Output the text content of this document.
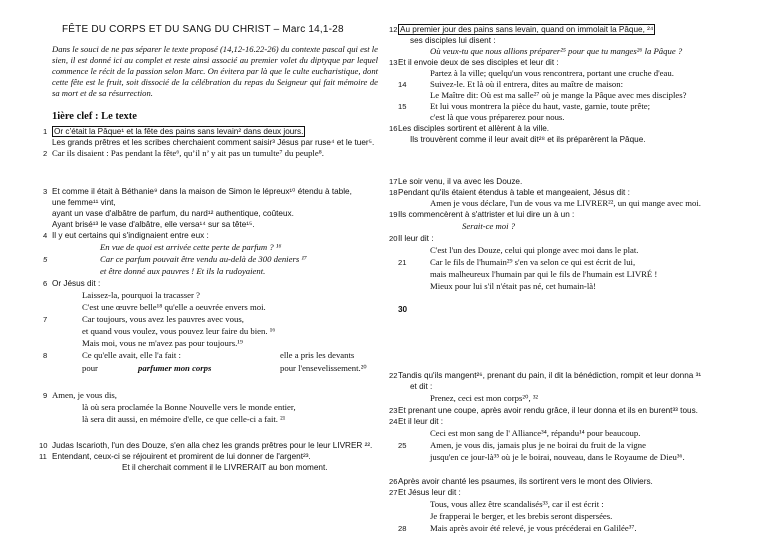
FÊTE DU CORPS ET DU SANG DU CHRIST – Marc 14,1-28
Dans le souci de ne pas séparer le texte proposé (14,12-16.22-26) du contexte pascal qui est le sien, il est donné ici au complet et reste ainsi associé au premier volet du diptyque par lequel commence le récit de la passion selon Marc. On évitera par là que le culte eucharistique, dont cette fête est le fruit, soit dissocié de la célébration du repas du Seigneur qui fait mémoire de sa mort et de sa résurrection.
1ière clef : Le texte
1 Or c’était la Pâque¹ et la fête des pains sans levain² dans deux jours.
Les grands prêtres et les scribes cherchaient comment saisir³ Jésus par ruse⁴ et le tuer⁵.
2 Car ils disaient : Pas pendant la fête⁶, qu’il n’ y ait pas un tumulte⁷ du peuple⁸.
3 Et comme il était à Béthanie⁹ dans la maison de Simon le lépreux¹⁰ étendu à table,
une femme¹¹ vint,
ayant un vase d'albâtre de parfum, du nard¹² authentique, coûteux.
Ayant brisé¹³ le vase d'albâtre, elle versa¹⁴ sur sa tête¹⁵.
4 Il y eut certains qui s'indignaient entre eux :
En vue de quoi est arrivée cette perte de parfum ? ¹⁶
5	Car ce parfum pouvait être vendu au-delà de 300 deniers ¹⁷
et être donné aux pauvres ! Et ils la rudoyaient.
6 Or Jésus dit :
Laissez-la, pourquoi la tracasser ?
C'est une œuvre belle¹⁸ qu'elle a oeuvrée envers moi.
7	Car toujours, vous avez les pauvres avec vous,
et quand vous voulez, vous pouvez leur faire du bien. ¹⁶
Mais moi, vous ne m'avez pas pour toujours.¹⁹
8	Ce qu'elle avait, elle l'a fait :	elle a pris les devants
pour	parfumer mon corps	pour l'ensevelissement.²⁰
9 Amen, je vous dis,
là où sera proclamée la Bonne Nouvelle vers le monde entier,
là sera dit aussi, en mémoire d'elle, ce que celle-ci a fait. ²¹
10 Judas Iscarioth, l'un des Douze, s'en alla chez les grands prêtres pour le leur LIVRER ²².
11 Entendant, ceux-ci se réjouirent et promirent de lui donner de l'argent²³.
Et il cherchait comment il le LIVRERAIT au bon moment.
12 Au premier jour des pains sans levain, quand on immolait la Pâque, ²⁴
ses disciples lui disent :
Où veux-tu que nous allions préparer²⁵ pour que tu manges²⁶ la Pâque ?
13 Et il envoie deux de ses disciples et leur dit :
Partez à la ville; quelqu'un vous rencontrera, portant une cruche d'eau.
14	Suivez-le. Et là où il entrera, dites au maître de maison:
Le Maître dit: Où est ma salle²⁷ où je mange la Pâque avec mes disciples?
15	Et lui vous montrera la pièce du haut, vaste, garnie, toute prête;
c'est là que vous préparerez pour nous.
16 Les disciples sortirent et allèrent à la ville.
Ils trouvèrent comme il leur avait dit²⁸ et ils préparèrent la Pâque.
17 Le soir venu, il va avec les Douze.
18 Pendant qu'ils étaient étendus à table et mangeaient, Jésus dit :
Amen je vous déclare, l'un de vous va me LIVRER²², un qui mange avec moi.
19 Ils commencèrent à s'attrister et lui dire un à un :
Serait-ce moi ?
20 Il leur dit :
C'est l'un des Douze, celui qui plonge avec moi dans le plat.
21	Car le fils de l'humain²⁹ s'en va selon ce qui est écrit de lui,
mais malheureux l'humain par qui le fils de l'humain est LIVRÉ !
Mieux pour lui s'il n'était pas né, cet humain-là!
30
22 Tandis qu'ils mangent²⁶, prenant du pain, il dit la bénédiction, rompit et leur donna ³¹
et dit :
Prenez, ceci est mon corps²⁰, ³²
23 Et prenant une coupe, après avoir rendu grâce, il leur donna et ils en burent³³ tous.
24 Et il leur dit :
Ceci est mon sang de l' Alliance³⁴, répandu¹⁴ pour beaucoup.
25	Amen, je vous dis, jamais plus je ne boirai du fruit de la vigne
jusqu'en ce jour-là³⁵ où je le boirai, nouveau, dans le Royaume de Dieu³⁶.
26 Après avoir chanté les psaumes, ils sortirent vers le mont des Oliviers.
27 Et Jésus leur dit :
Tous, vous allez être scandalisés³³, car il est écrit :
Je frapperai le berger, et les brebis seront dispersées.
28	Mais après avoir été relevé, je vous précéderai en Galilée³⁷.
